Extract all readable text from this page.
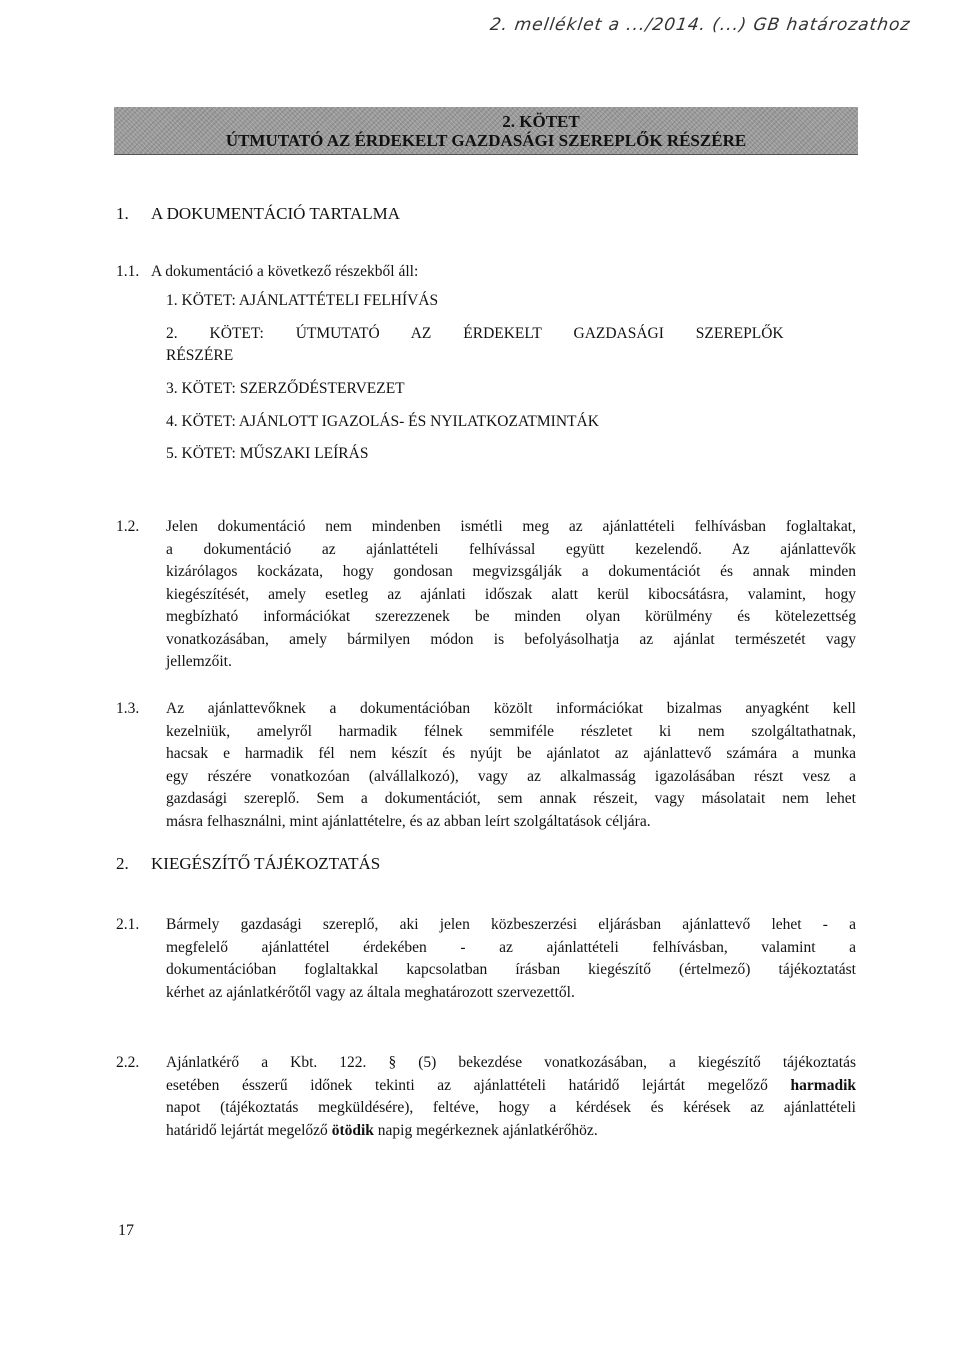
2. melléklet a .../2014. (...) GB határozathoz
2. KÖTET
ÚTMUTATÓ AZ ÉRDEKELT GAZDASÁGI SZEREPLŐK RÉSZÉRE
1. A DOKUMENTÁCIÓ TARTALMA
1.1. A dokumentáció a következő részekből áll:
1. KÖTET: AJÁNLATTÉTELI FELHÍVÁS
2. KÖTET: ÚTMUTATÓ AZ ÉRDEKELT GAZDASÁGI SZEREPLŐK
RÉSZÉRE
3. KÖTET: SZERZŐDÉSTERVEZET
4. KÖTET: AJÁNLOTT IGAZOLÁS- ÉS NYILATKOZATMINTÁK
5. KÖTET: MŰSZAKI LEÍRÁS
1.2. Jelen dokumentáció nem mindenben ismétli meg az ajánlattételi felhívásban foglaltakat,
a dokumentáció az ajánlattételi felhívással együtt kezelendő. Az ajánlattevők
kizárólagos kockázata, hogy gondosan megvizsgálják a dokumentációt és annak minden
kiegészítését, amely esetleg az ajánlati időszak alatt kerül kibocsátásra, valamint, hogy
megbízható információkat szerezzenek be minden olyan körülmény és kötelezettség
vonatkozásában, amely bármilyen módon is befolyásolhatja az ajánlat természetét vagy
jellemzőit.
1.3. Az ajánlattevőknek a dokumentációban közölt információkat bizalmas anyagként kell
kezelniük, amelyről harmadik félnek semmiféle részletet ki nem szolgáltathatnak,
hacsak e harmadik fél nem készít és nyújt be ajánlatot az ajánlattevő számára a munka
egy részére vonatkozóan (alvállalkozó), vagy az alkalmasság igazolásában részt vesz a
gazdasági szereplő. Sem a dokumentációt, sem annak részeit, vagy másolatait nem lehet
másra felhasználni, mint ajánlattételre, és az abban leírt szolgáltatások céljára.
2. KIEGÉSZÍTŐ TÁJÉKOZTATÁS
2.1. Bármely gazdasági szereplő, aki jelen közbeszerzési eljárásban ajánlattevő lehet - a
megfelelő ajánlattétel érdekében - az ajánlattételi felhívásban, valamint a
dokumentációban foglaltakkal kapcsolatban írásban kiegészítő (értelmező) tájékoztatást
kérhet az ajánlatkérőtől vagy az általa meghatározott szervezettől.
2.2. Ajánlatkérő a Kbt. 122. § (5) bekezdése vonatkozásában, a kiegészítő tájékoztatás
esetében ésszerű időnek tekinti az ajánlattételi határidő lejártát megelőző harmadik
napot (tájékoztatás megküldésére), feltéve, hogy a kérdések és kérések az ajánlattételi
határidő lejártát megelőző ötödik napig megérkeznek ajánlatkérőhöz.
17
